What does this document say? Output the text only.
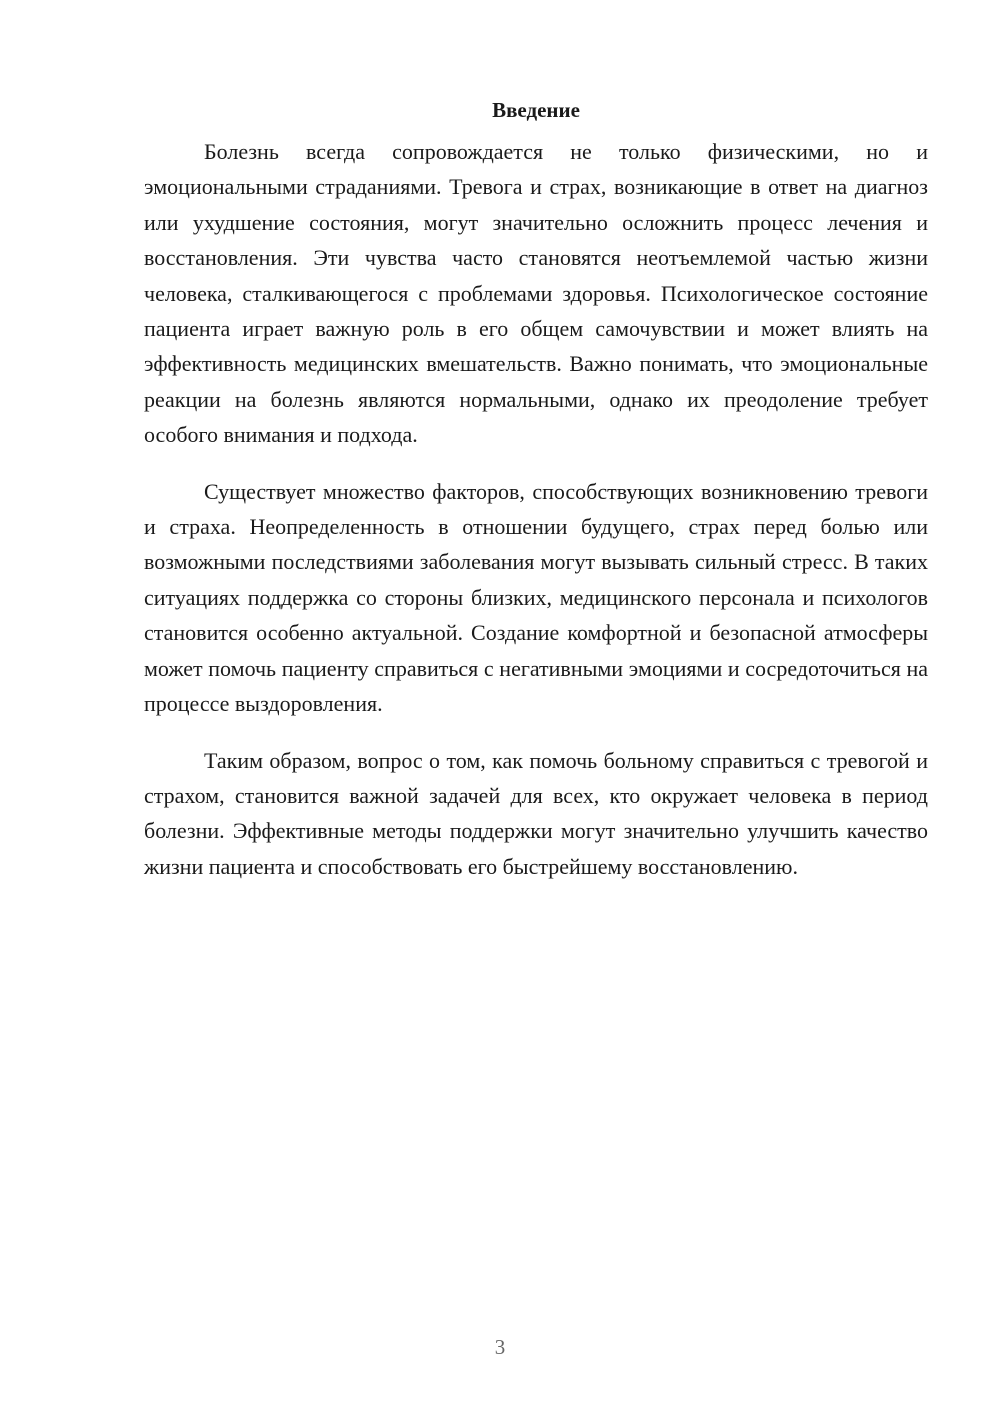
Введение

Болезнь всегда сопровождается не только физическими, но и эмоциональными страданиями. Тревога и страх, возникающие в ответ на диагноз или ухудшение состояния, могут значительно осложнить процесс лечения и восстановления. Эти чувства часто становятся неотъемлемой частью жизни человека, сталкивающегося с проблемами здоровья. Психологическое состояние пациента играет важную роль в его общем самочувствии и может влиять на эффективность медицинских вмешательств. Важно понимать, что эмоциональные реакции на болезнь являются нормальными, однако их преодоление требует особого внимания и подхода.

Существует множество факторов, способствующих возникновению тревоги и страха. Неопределенность в отношении будущего, страх перед болью или возможными последствиями заболевания могут вызывать сильный стресс. В таких ситуациях поддержка со стороны близких, медицинского персонала и психологов становится особенно актуальной. Создание комфортной и безопасной атмосферы может помочь пациенту справиться с негативными эмоциями и сосредоточиться на процессе выздоровления.

Таким образом, вопрос о том, как помочь больному справиться с тревогой и страхом, становится важной задачей для всех, кто окружает человека в период болезни. Эффективные методы поддержки могут значительно улучшить качество жизни пациента и способствовать его быстрейшему восстановлению.

3
